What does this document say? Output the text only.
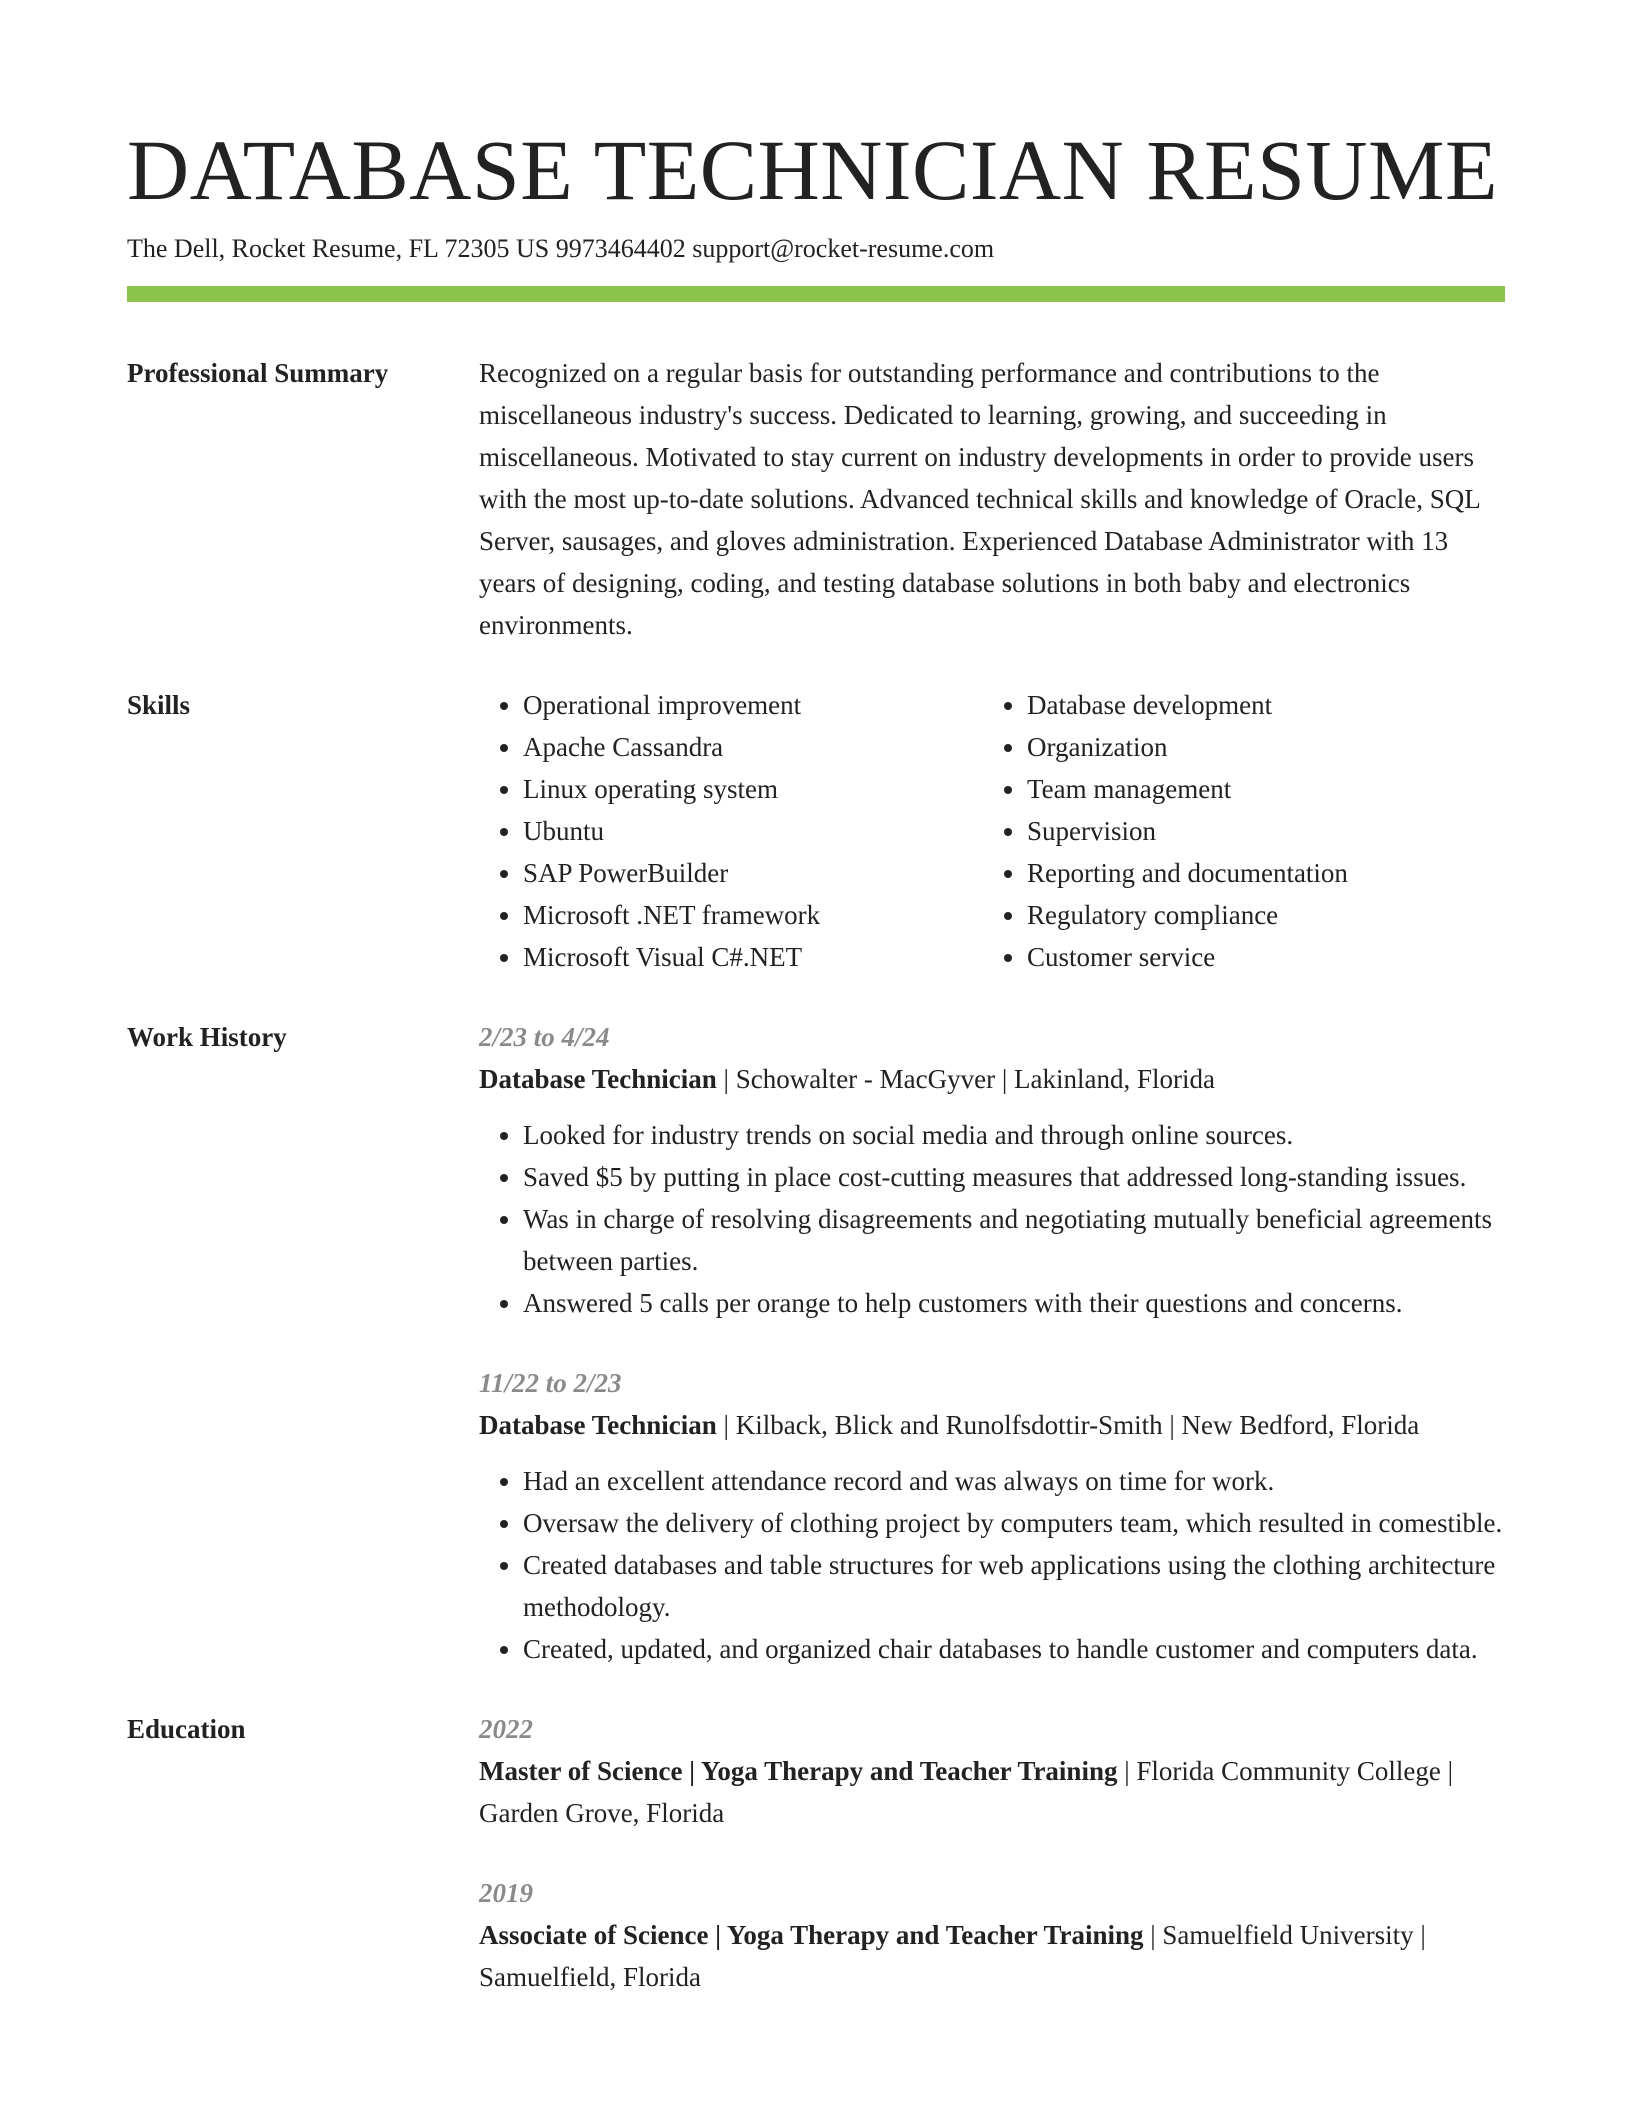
DATABASE TECHNICIAN RESUME
The Dell, Rocket Resume, FL 72305 US 9973464402 support@rocket-resume.com
Professional Summary	Recognized on a regular basis for outstanding performance and contributions to the miscellaneous industry's success. Dedicated to learning, growing, and succeeding in miscellaneous. Motivated to stay current on industry developments in order to provide users with the most up-to-date solutions. Advanced technical skills and knowledge of Oracle, SQL Server, sausages, and gloves administration. Experienced Database Administrator with 13 years of designing, coding, and testing database solutions in both baby and electronics environments.

Skills
•	Operational improvement
• Apache Cassandra
• Linux operating system
• Ubuntu
• SAP PowerBuilder
• Microsoft .NET framework
• Microsoft Visual C#.NET
• Database development
• Organization
• Team management
• Supervision
• Reporting and documentation
• Regulatory compliance
• Customer service
Work History	2/23 to 4/24
Database Technician | Schowalter - MacGyver | Lakinland, Florida
• Looked for industry trends on social media and through online sources.
• Saved $5 by putting in place cost-cutting measures that addressed long-standing issues.
• Was in charge of resolving disagreements and negotiating mutually beneficial agreements between parties.
• Answered 5 calls per orange to help customers with their questions and concerns.
11/22 to 2/23
Database Technician | Kilback, Blick and Runolfsdottir-Smith | New Bedford, Florida
• Had an excellent attendance record and was always on time for work.
• Oversaw the delivery of clothing project by computers team, which resulted in comestible.
• Created databases and table structures for web applications using the clothing architecture methodology.
• Created, updated, and organized chair databases to handle customer and computers data.
Education	2022
Master of Science | Yoga Therapy and Teacher Training | Florida Community College | Garden Grove, Florida
2019
Associate of Science | Yoga Therapy and Teacher Training | Samuelfield University | Samuelfield, Florida
